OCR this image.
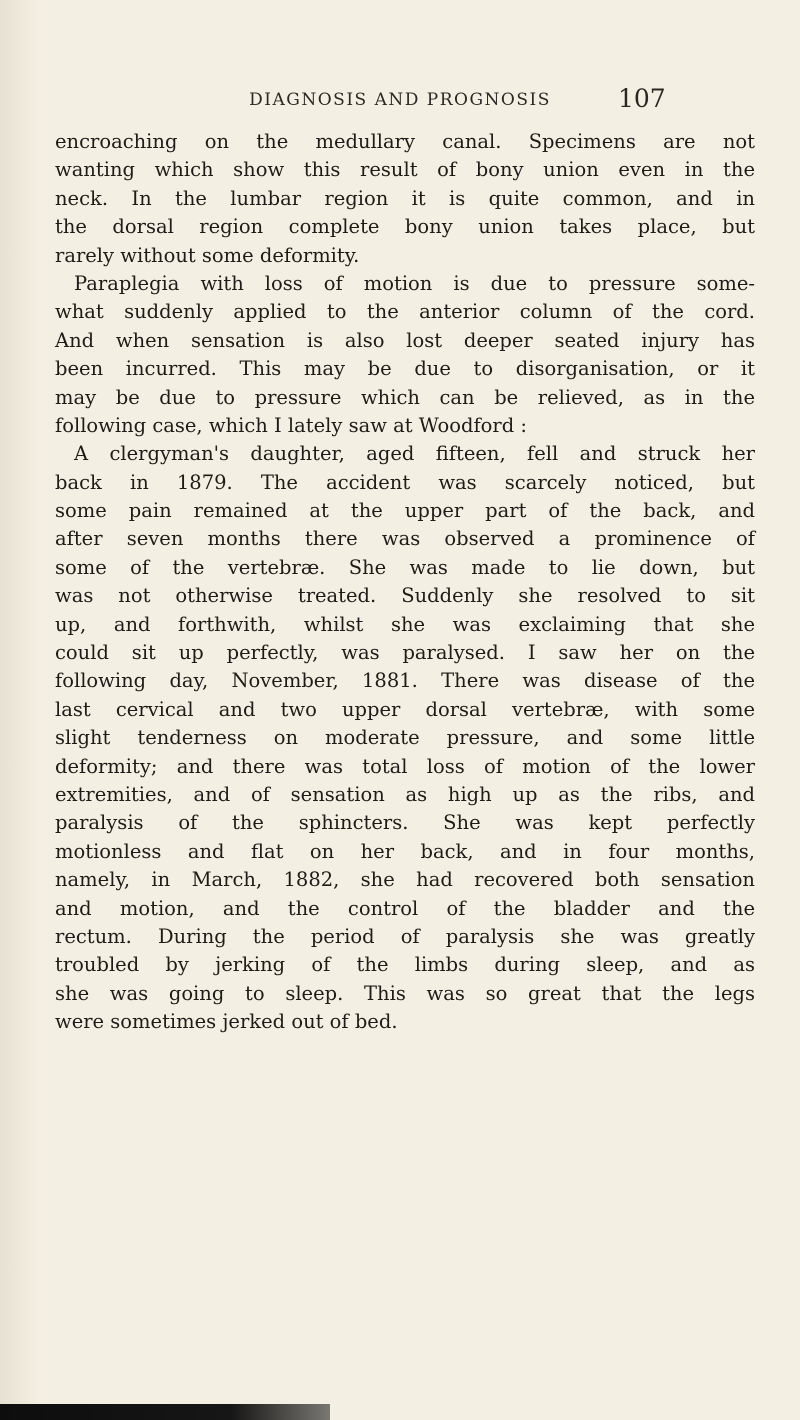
DIAGNOSIS AND PROGNOSIS	107
encroaching on the medullary canal. Specimens are not
wanting which show this result of bony union even in the
neck. In the lumbar region it is quite common, and in
the dorsal region complete bony union takes place, but
rarely without some deformity.
Paraplegia with loss of motion is due to pressure some-
what suddenly applied to the anterior column of the cord.
And when sensation is also lost deeper seated injury has
been incurred. This may be due to disorganisation, or it
may be due to pressure which can be relieved, as in the
following case, which I lately saw at Woodford :
A clergyman's daughter, aged fifteen, fell and struck her
back in 1879. The accident was scarcely noticed, but
some pain remained at the upper part of the back, and
after seven months there was observed a prominence of
some of the vertebræ. She was made to lie down, but
was not otherwise treated. Suddenly she resolved to sit
up, and forthwith, whilst she was exclaiming that she
could sit up perfectly, was paralysed. I saw her on the
following day, November, 1881. There was disease of the
last cervical and two upper dorsal vertebræ, with some
slight tenderness on moderate pressure, and some little
deformity; and there was total loss of motion of the lower
extremities, and of sensation as high up as the ribs, and
paralysis of the sphincters. She was kept perfectly
motionless and flat on her back, and in four months,
namely, in March, 1882, she had recovered both sensation
and motion, and the control of the bladder and the
rectum. During the period of paralysis she was greatly
troubled by jerking of the limbs during sleep, and as
she was going to sleep. This was so great that the legs
were sometimes jerked out of bed.
